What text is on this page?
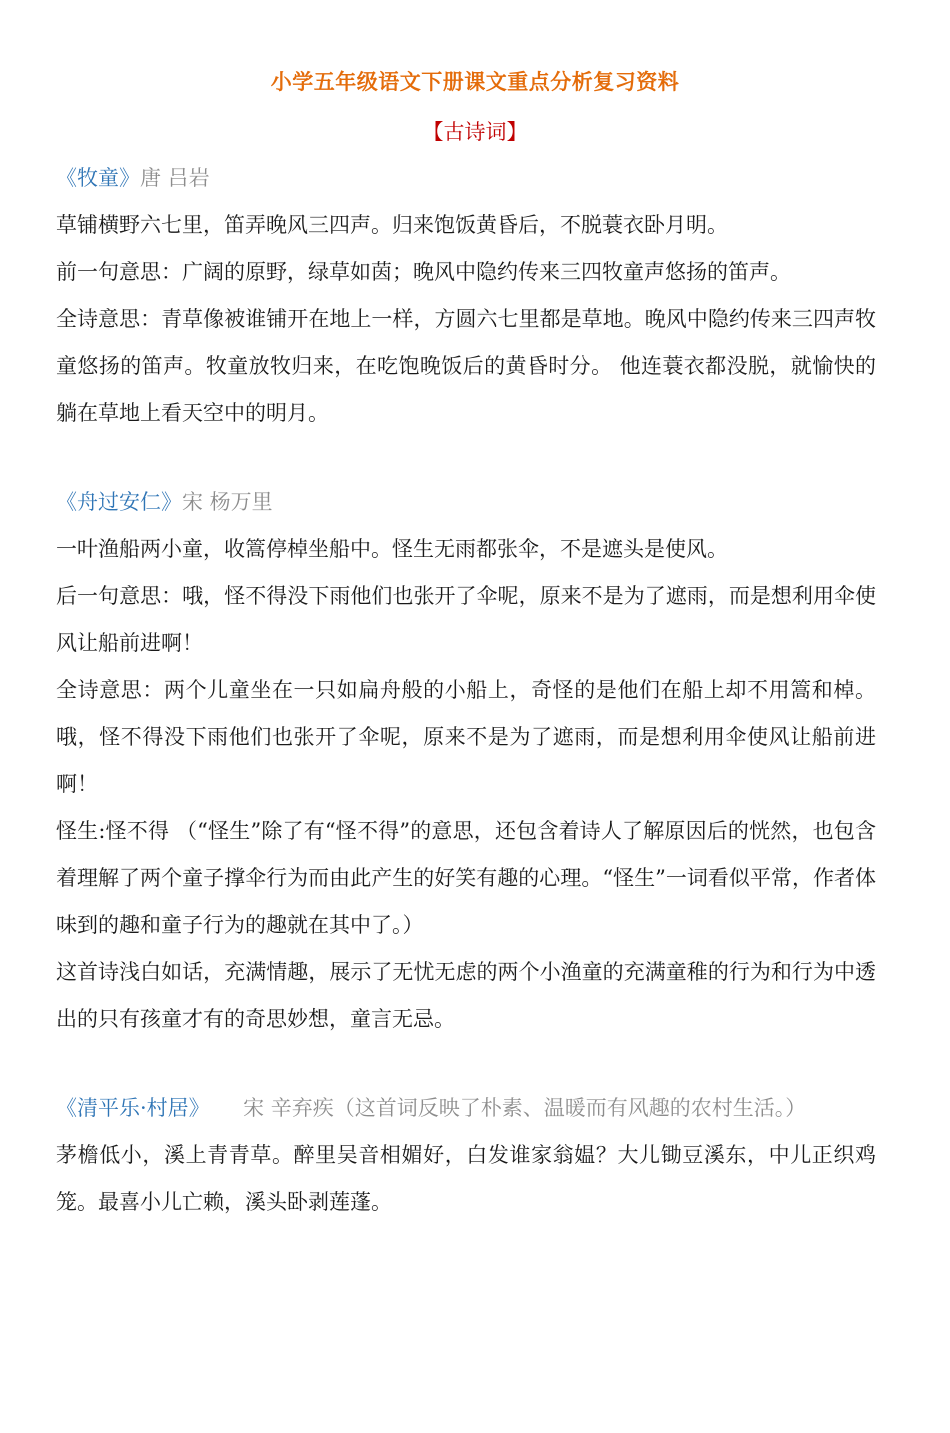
小学五年级语文下册课文重点分析复习资料
【古诗词】
《牧童》唐 吕岩

草铺横野六七里，笛弄晚风三四声。归来饱饭黄昏后，不脱蓑衣卧月明。

前一句意思：广阔的原野，绿草如茵；晚风中隐约传来三四牧童声悠扬的笛声。

全诗意思：青草像被谁铺开在地上一样，方圆六七里都是草地。晚风中隐约传来三四声牧童悠扬的笛声。牧童放牧归来，在吃饱晚饭后的黄昏时分。 他连蓑衣都没脱，就愉快的躺在草地上看天空中的明月。

《舟过安仁》宋 杨万里

一叶渔船两小童，收篙停棹坐船中。怪生无雨都张伞，不是遮头是使风。

后一句意思：哦，怪不得没下雨他们也张开了伞呢，原来不是为了遮雨，而是想利用伞使风让船前进啊！

全诗意思：两个儿童坐在一只如扁舟般的小船上，奇怪的是他们在船上却不用篙和棹。哦，怪不得没下雨他们也张开了伞呢，原来不是为了遮雨，而是想利用伞使风让船前进啊！

怪生:怪不得 （“怪生”除了有“怪不得”的意思，还包含着诗人了解原因后的恍然，也包含着理解了两个童子撑伞行为而由此产生的好笑有趣的心理。“怪生”一词看似平常，作者体味到的趣和童子行为的趣就在其中了。）

这首诗浅白如话，充满情趣，展示了无忧无虑的两个小渔童的充满童稚的行为和行为中透出的只有孩童才有的奇思妙想，童言无忌。

《清平乐·村居》 宋 辛弃疾（这首词反映了朴素、温暖而有风趣的农村生活。）

茅檐低小，溪上青青草。醉里吴音相媚好，白发谁家翁媪？大儿锄豆溪东，中儿正织鸡笼。最喜小儿亡赖，溪头卧剥莲蓬。
